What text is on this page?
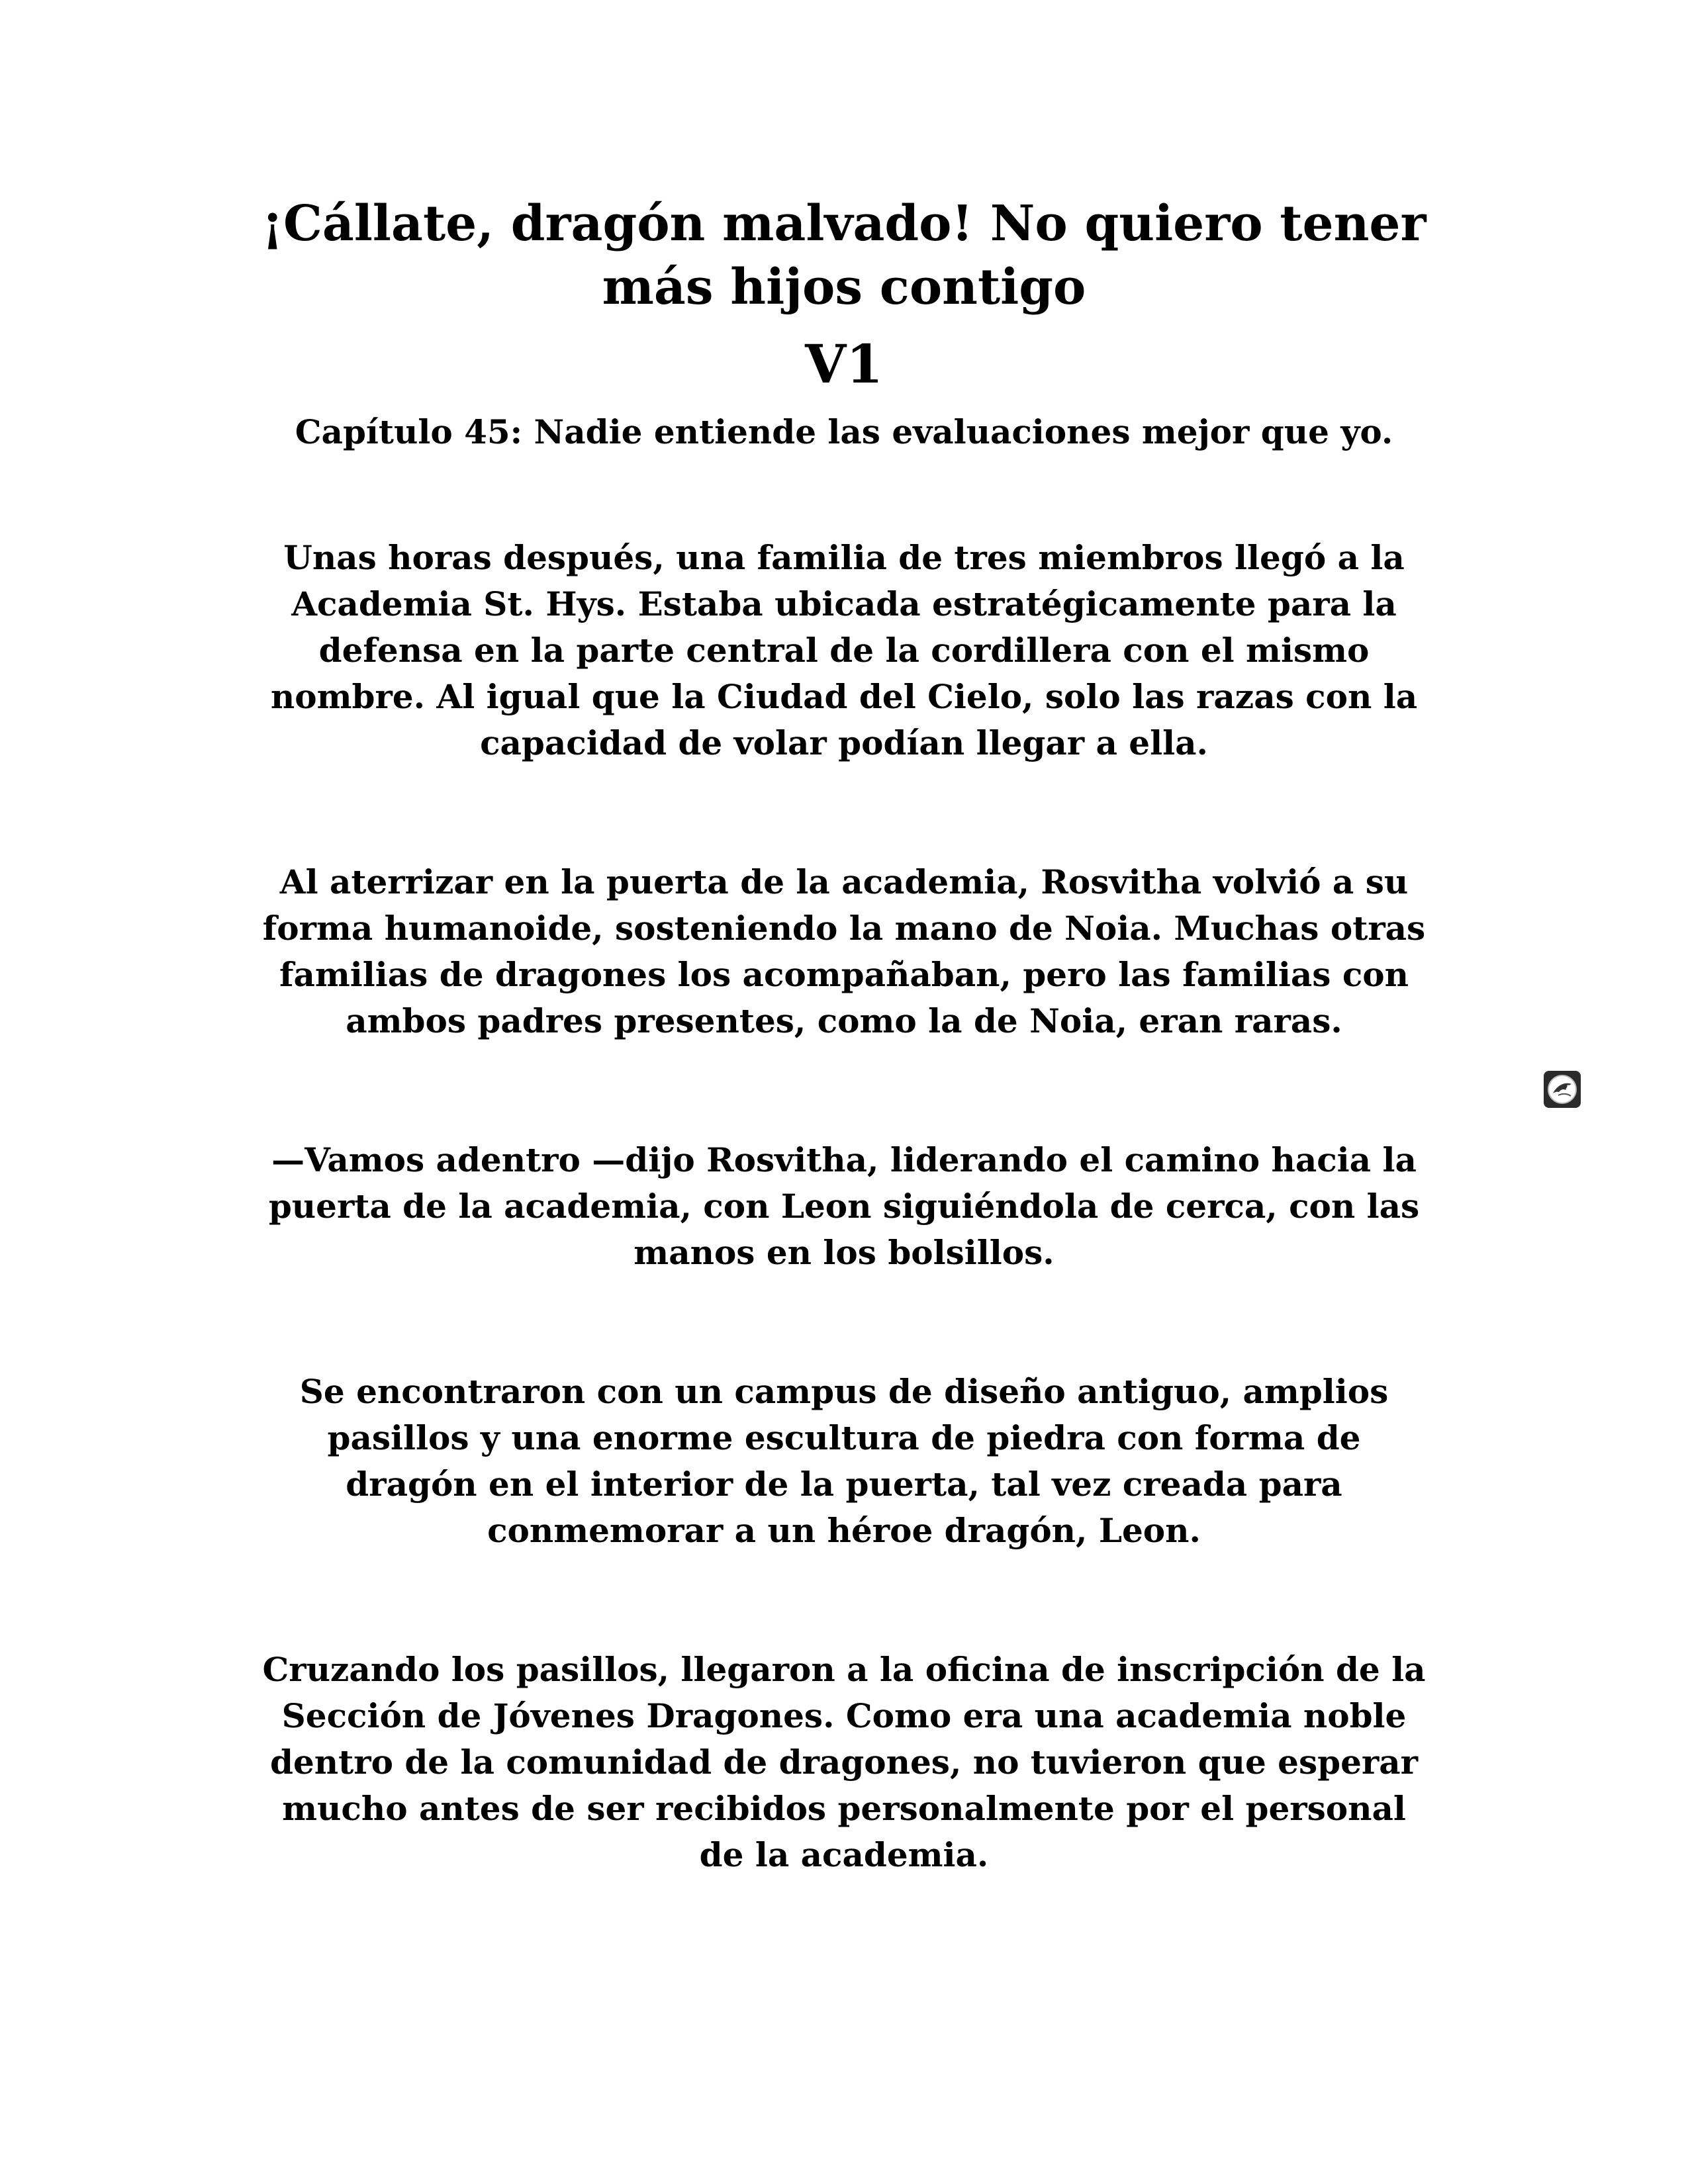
¡Cállate, dragón malvado! No quiero tener
más hijos contigo
V1
Capítulo 45: Nadie entiende las evaluaciones mejor que yo.

Unas horas después, una familia de tres miembros llegó a la
Academia St. Hys. Estaba ubicada estratégicamente para la
defensa en la parte central de la cordillera con el mismo
nombre. Al igual que la Ciudad del Cielo, solo las razas con la
capacidad de volar podían llegar a ella.

Al aterrizar en la puerta de la academia, Rosvitha volvió a su
forma humanoide, sosteniendo la mano de Noia. Muchas otras
familias de dragones los acompañaban, pero las familias con
ambos padres presentes, como la de Noia, eran raras.

—Vamos adentro —dijo Rosvitha, liderando el camino hacia la
puerta de la academia, con Leon siguiéndola de cerca, con las
manos en los bolsillos.

Se encontraron con un campus de diseño antiguo, amplios
pasillos y una enorme escultura de piedra con forma de
dragón en el interior de la puerta, tal vez creada para
conmemorar a un héroe dragón, Leon.

Cruzando los pasillos, llegaron a la oficina de inscripción de la
Sección de Jóvenes Dragones. Como era una academia noble
dentro de la comunidad de dragones, no tuvieron que esperar
mucho antes de ser recibidos personalmente por el personal
de la academia.
